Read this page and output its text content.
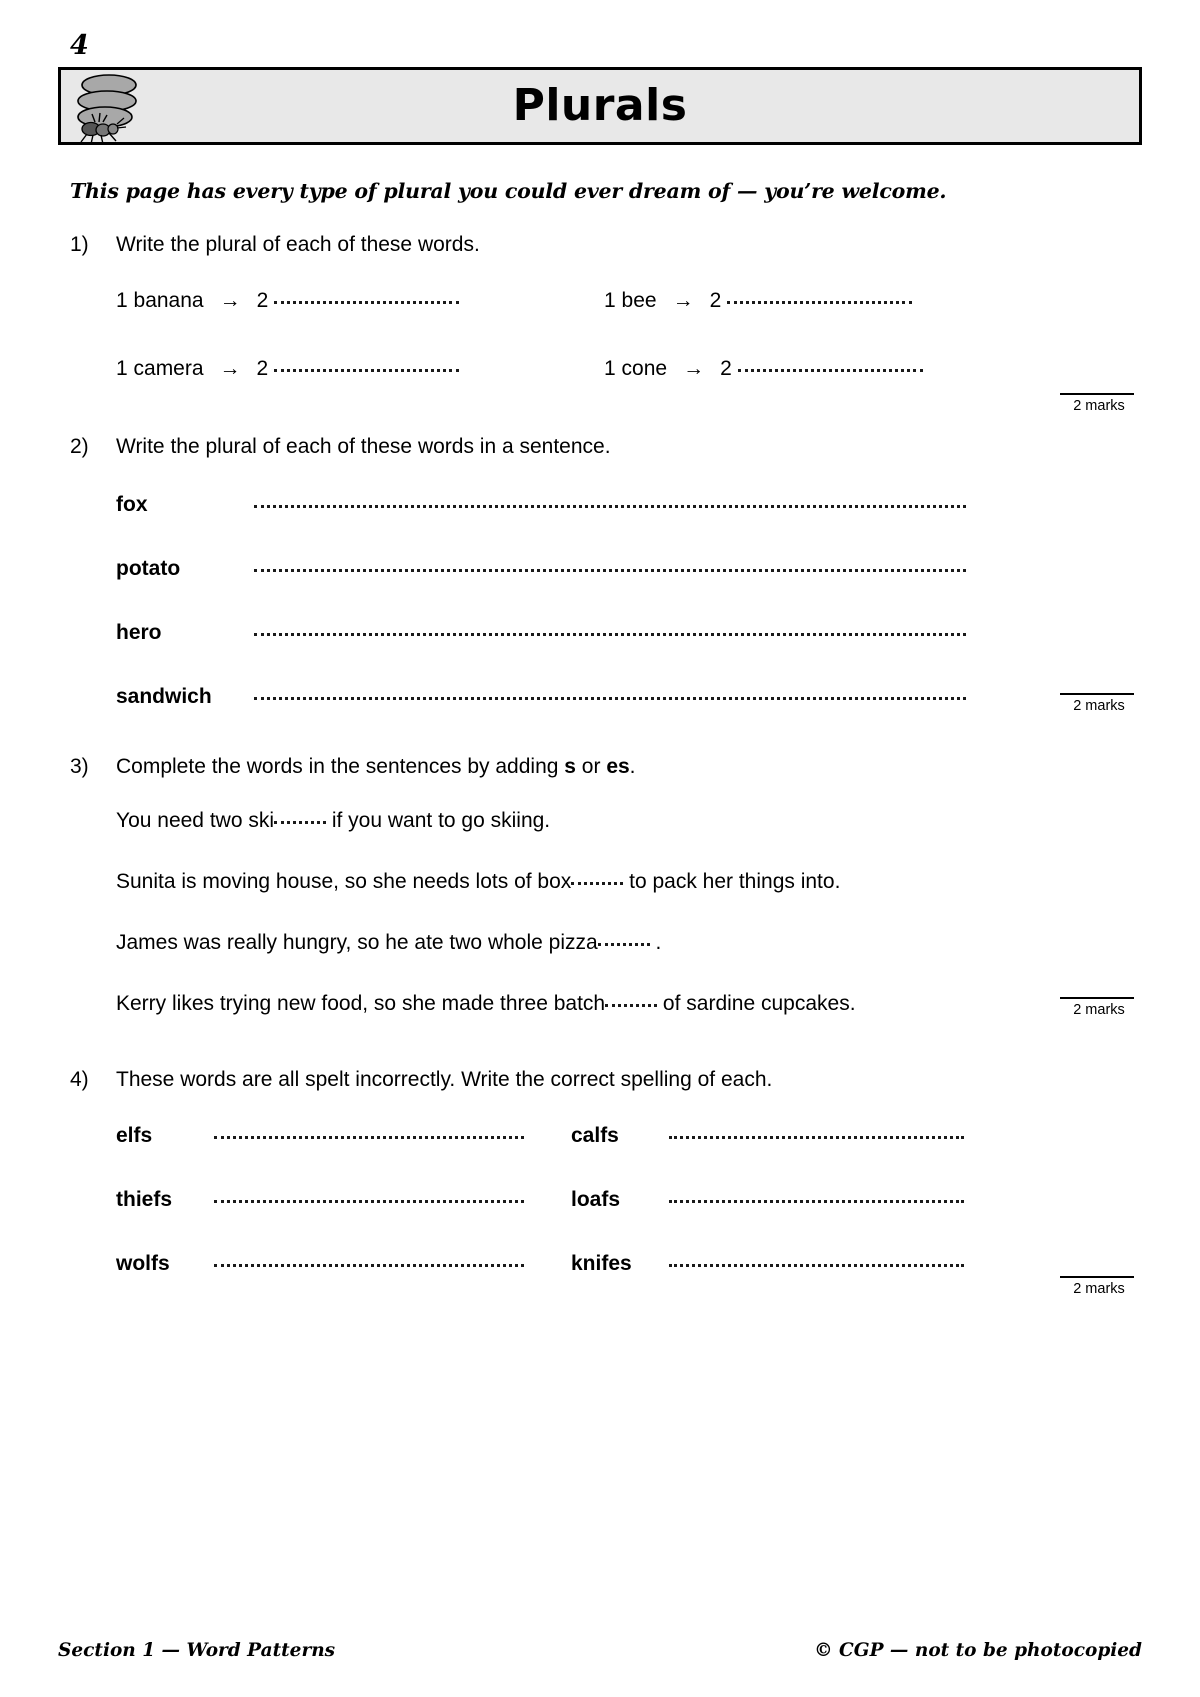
4
Plurals
This page has every type of plural you could ever dream of — you’re welcome.
1)	Write the plural of each of these words.
1 banana → 2	1 bee → 2
1 camera → 2	1 cone → 2
2 marks
2)	Write the plural of each of these words in a sentence.
fox
potato
hero
sandwich	2 marks
3)	Complete the words in the sentences by adding s or es.
You need two ski if you want to go skiing.
Sunita is moving house, so she needs lots of box to pack her things into.
James was really hungry, so he ate two whole pizza .
Kerry likes trying new food, so she made three batch of sardine cupcakes.	2 marks
4)	These words are all spelt incorrectly. Write the correct spelling of each.
elfs	calfs
thiefs	loafs
wolfs	knifes
2 marks
Section 1 — Word Patterns	© CGP — not to be photocopied
